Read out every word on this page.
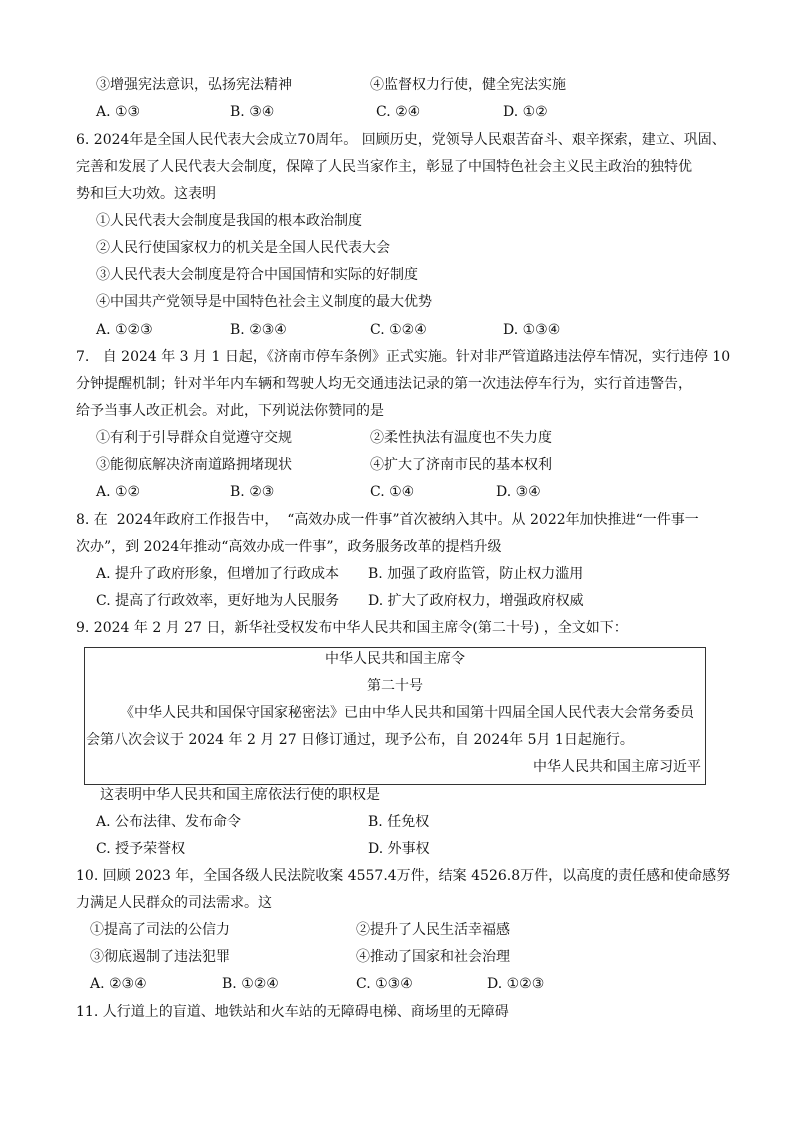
③增强宪法意识，弘扬宪法精神	④监督权力行使，健全宪法实施
A. ①③	B. ③④	C. ②④	D. ①②
6. 2024年是全国人民代表大会成立70周年。 回顾历史，党领导人民艰苦奋斗、艰辛探索，建立、巩固、
完善和发展了人民代表大会制度，保障了人民当家作主，彰显了中国特色社会主义民主政治的独特优
势和巨大功效。这表明
①人民代表大会制度是我国的根本政治制度
②人民行使国家权力的机关是全国人民代表大会
③人民代表大会制度是符合中国国情和实际的好制度
④中国共产党领导是中国特色社会主义制度的最大优势
A. ①②③	B. ②③④	C. ①②④	D. ①③④
7.   自 2024 年 3 月 1 日起，《济南市停车条例》正式实施。针对非严管道路违法停车情况，实行违停 10
分钟提醒机制；针对半年内车辆和驾驶人均无交通违法记录的第一次违法停车行为，实行首违警告，
给予当事人改正机会。对此，下列说法你赞同的是
①有利于引导群众自觉遵守交规	②柔性执法有温度也不失力度
③能彻底解决济南道路拥堵现状	④扩大了济南市民的基本权利
A. ①②	B. ②③	C. ①④	D. ③④
8. 在  2024年政府工作报告中，  “高效办成一件事”首次被纳入其中。从 2022年加快推进“一件事一
次办”，到 2024年推动“高效办成一件事”，政务服务改革的提档升级
A. 提升了政府形象，但增加了行政成本 B. 加强了政府监管，防止权力滥用
C. 提高了行政效率，更好地为人民服务 D. 扩大了政府权力，增强政府权威
9. 2024 年 2 月 27 日，新华社受权发布中华人民共和国主席令(第二十号) ，全文如下：
中华人民共和国主席令
第二十号
《中华人民共和国保守国家秘密法》已由中华人民共和国第十四届全国人民代表大会常务委员
会第八次会议于 2024 年 2 月 27 日修订通过，现予公布，自 2024年 5月 1日起施行。
中华人民共和国主席习近平
这表明中华人民共和国主席依法行使的职权是
A. 公布法律、发布命令	B. 任免权
C. 授予荣誉权	D. 外事权
10. 回顾 2023 年，全国各级人民法院收案 4557.4万件，结案 4526.8万件，以高度的责任感和使命感努
力满足人民群众的司法需求。这
①提高了司法的公信力	②提升了人民生活幸福感
③彻底遏制了违法犯罪	④推动了国家和社会治理
A. ②③④	B. ①②④	C. ①③④	D. ①②③
11. 人行道上的盲道、地铁站和火车站的无障碍电梯、商场里的无障碍
